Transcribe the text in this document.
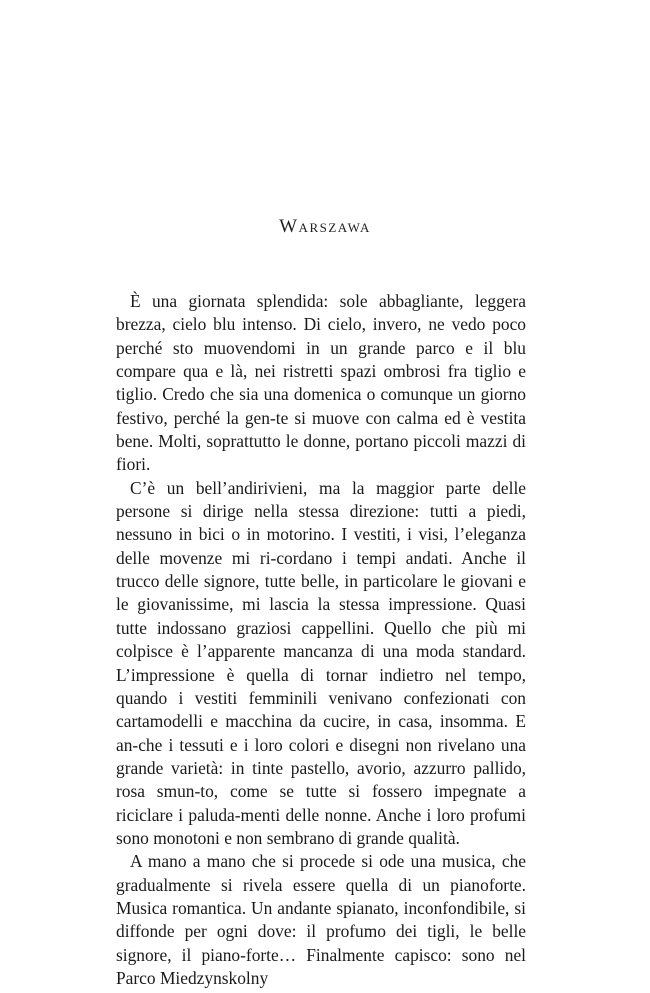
Warszawa

È una giornata splendida: sole abbagliante, leggera brezza, cielo blu intenso. Di cielo, invero, ne vedo poco perché sto muovendomi in un grande parco e il blu compare qua e là, nei ristretti spazi ombrosi fra tiglio e tiglio. Credo che sia una domenica o comunque un giorno festivo, perché la gen-te si muove con calma ed è vestita bene. Molti, soprattutto le donne, portano piccoli mazzi di fiori.

C’è un bell’andirivieni, ma la maggior parte delle persone si dirige nella stessa direzione: tutti a piedi, nessuno in bici o in motorino. I vestiti, i visi, l’eleganza delle movenze mi ri-cordano i tempi andati. Anche il trucco delle signore, tutte belle, in particolare le giovani e le giovanissime, mi lascia la stessa impressione. Quasi tutte indossano graziosi cappellini. Quello che più mi colpisce è l’apparente mancanza di una moda standard. L’impressione è quella di tornar indietro nel tempo, quando i vestiti femminili venivano confezionati con cartamodelli e macchina da cucire, in casa, insomma. E an-che i tessuti e i loro colori e disegni non rivelano una grande varietà: in tinte pastello, avorio, azzurro pallido, rosa smun-to, come se tutte si fossero impegnate a riciclare i paluda-menti delle nonne. Anche i loro profumi sono monotoni e non sembrano di grande qualità.

A mano a mano che si procede si ode una musica, che gradualmente si rivela essere quella di un pianoforte. Musica romantica. Un andante spianato, inconfondibile, si diffonde per ogni dove: il profumo dei tigli, le belle signore, il piano-forte… Finalmente capisco: sono nel Parco Miedzynskolny
